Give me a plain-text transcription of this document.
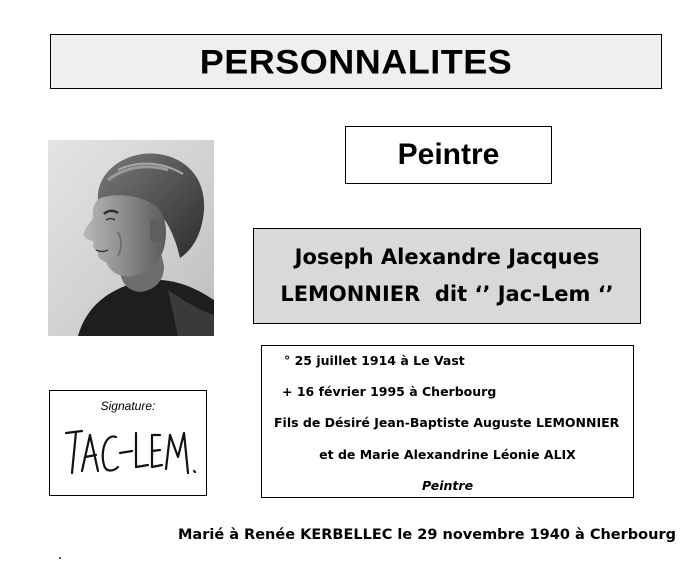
PERSONNALITES
Peintre
Joseph Alexandre Jacques
LEMONNIER  dit ‘’ Jac-Lem ‘’
Signature:
° 25 juillet 1914 à Le Vast
+ 16 février 1995 à Cherbourg
Fils de Désiré Jean-Baptiste Auguste LEMONNIER
et de Marie Alexandrine Léonie ALIX
Peintre
Marié à Renée KERBELLEC le 29 novembre 1940 à Cherbourg
